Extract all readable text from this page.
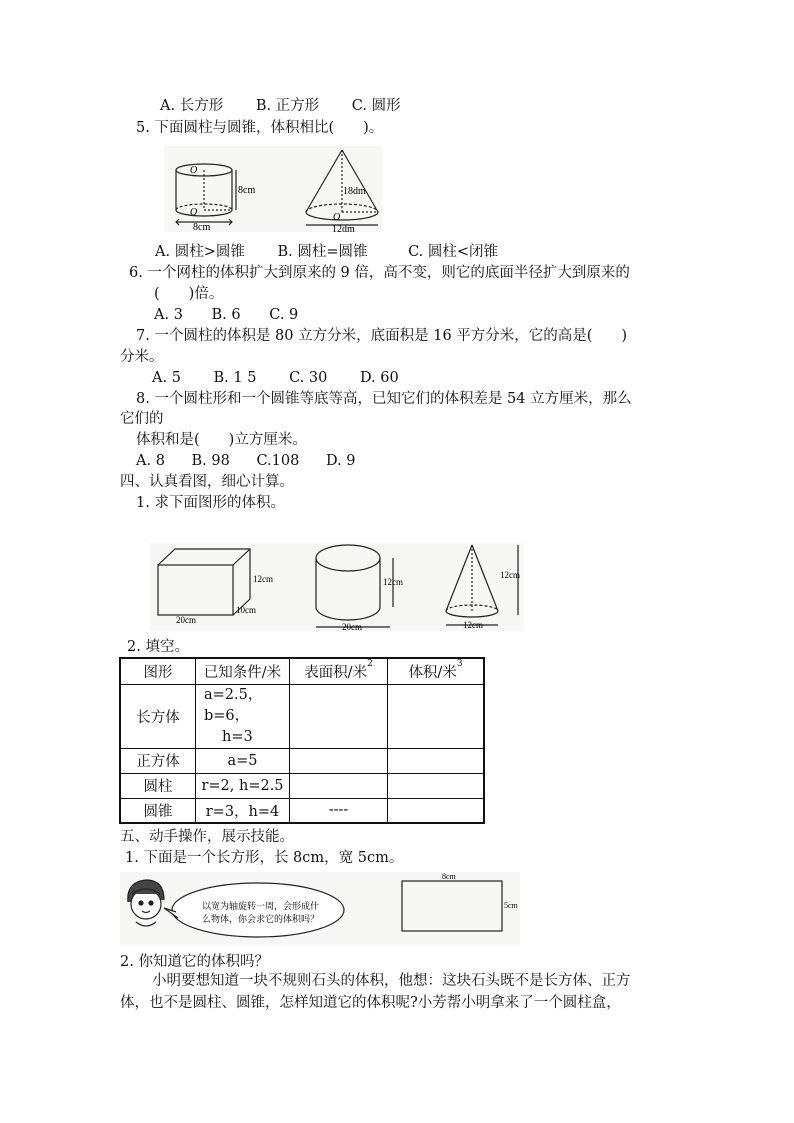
A. 长方形 B. 正方形 C. 圆形
5. 下面圆柱与圆锥，体积相比(　　)。
O
O
8cm
8cm
18dm
O
12dm
A. 圆柱>圆锥 B. 圆柱=圆锥	C. 圆柱<闭锥
6. 一个网柱的体积扩大到原来的 9 倍，高不变，则它的底面半径扩大到原来的
(　　)倍。
A. 3 B. 6 C. 9
7. 一个圆柱的体积是 80 立方分米，底面积是 16 平方分米，它的高是(　　)
分米。
A. 5 B. 1 5 C. 30 D. 60
8. 一个圆柱形和一个圆锥等底等高，已知它们的体积差是 54 立方厘米，那么
它们的
体积和是(　　)立方厘米。
A. 8 B. 98 C.108 D. 9
四、认真看图，细心计算。
1. 求下面图形的体积。
12cm
20cm
10cm
12cm
20cm
12cm
12cm
2. 填空。
图形	已知条件/米	表面积/米$^2$	体积/米$^3$
长方体	a=2.5，b=6，
h=3		

正方体	a=5		
圆柱	r=2, h=2.5		
圆锥	r=3，h=4	----	
五、动手操作，展示技能。
1. 下面是一个长方形，长 8cm，宽 5cm。
以宽为轴旋转一周，会形成什
么物体，你会求它的体积吗？
8cm
5cm
2. 你知道它的体积吗？
小明要想知道一块不规则石头的体积，他想：这块石头既不是长方体、正方
体，也不是圆柱、圆锥，怎样知道它的体积呢?小芳帮小明拿来了一个圆柱盒，
